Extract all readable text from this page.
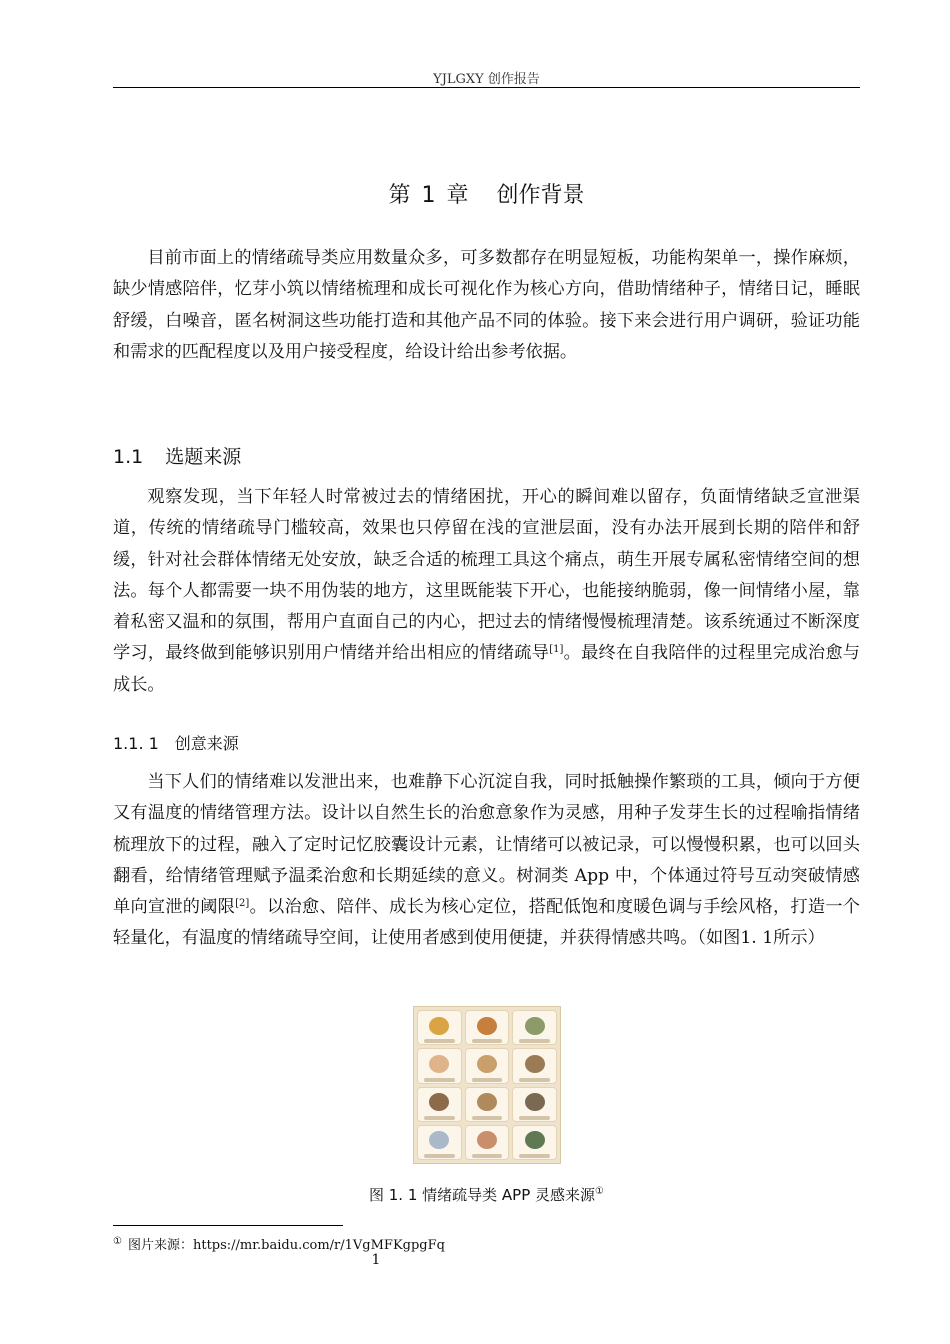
YJLGXY 创作报告
第 1 章 创作背景

目前市面上的情绪疏导类应用数量众多，可多数都存在明显短板，功能构架单一，操作麻烦，缺少情感陪伴，忆芽小筑以情绪梳理和成长可视化作为核心方向，借助情绪种子，情绪日记，睡眠舒缓，白噪音，匿名树洞这些功能打造和其他产品不同的体验。接下来会进行用户调研，验证功能和需求的匹配程度以及用户接受程度，给设计给出参考依据。

1.1 选题来源

观察发现，当下年轻人时常被过去的情绪困扰，开心的瞬间难以留存，负面情绪缺乏宣泄渠道，传统的情绪疏导门槛较高，效果也只停留在浅的宣泄层面，没有办法开展到长期的陪伴和舒缓，针对社会群体情绪无处安放，缺乏合适的梳理工具这个痛点，萌生开展专属私密情绪空间的想法。每个人都需要一块不用伪装的地方，这里既能装下开心，也能接纳脆弱，像一间情绪小屋，靠着私密又温和的氛围，帮用户直面自己的内心，把过去的情绪慢慢梳理清楚。该系统通过不断深度学习，最终做到能够识别用户情绪并给出相应的情绪疏导[1]。最终在自我陪伴的过程里完成治愈与成长。

1.1. 1 创意来源

当下人们的情绪难以发泄出来，也难静下心沉淀自我，同时抵触操作繁琐的工具，倾向于方便又有温度的情绪管理方法。设计以自然生长的治愈意象作为灵感，用种子发芽生长的过程喻指情绪梳理放下的过程，融入了定时记忆胶囊设计元素，让情绪可以被记录，可以慢慢积累，也可以回头翻看，给情绪管理赋予温柔治愈和长期延续的意义。树洞类 App 中，个体通过符号互动突破情感单向宣泄的阈限[2]。以治愈、陪伴、成长为核心定位，搭配低饱和度暖色调与手绘风格，打造一个轻量化，有温度的情绪疏导空间，让使用者感到使用便捷，并获得情感共鸣。（如图1. 1所示）

图 1. 1 情绪疏导类 APP 灵感来源①
① 图片来源：https://mr.baidu.com/r/1VgMFKgpgFq
1
